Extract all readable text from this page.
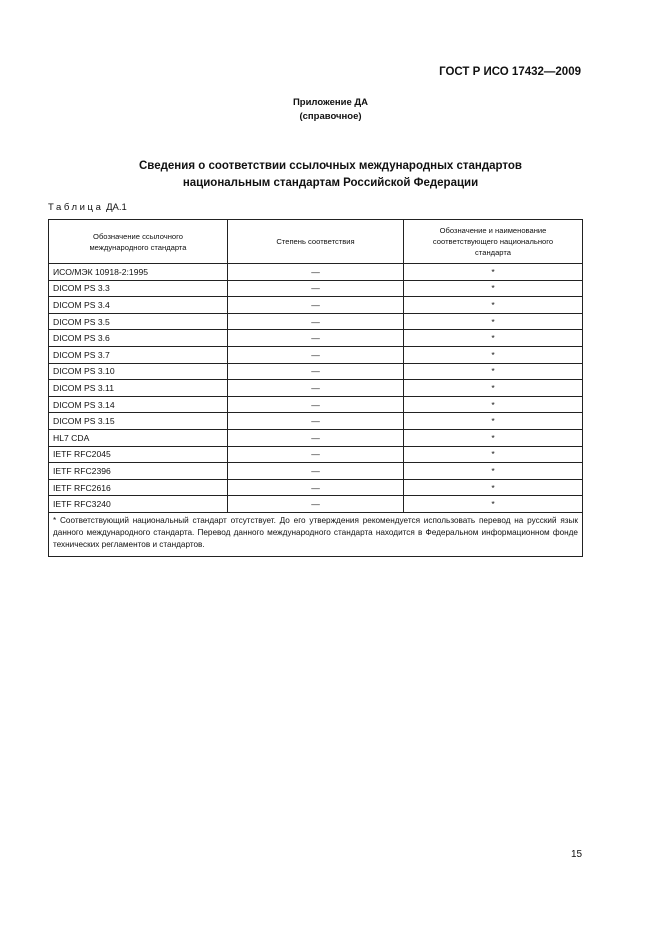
ГОСТ Р ИСО 17432—2009
Приложение ДА
(справочное)
Сведения о соответствии ссылочных международных стандартов
национальным стандартам Российской Федерации
Таблица ДА.1
Обозначение ссылочного международного стандарта	Степень соответствия	Обозначение и наименование соответствующего национального стандарта
ИСО/МЭК 10918-2:1995	—	*
DICOM PS 3.3	—	*
DICOM PS 3.4	—	*
DICOM PS 3.5	—	*
DICOM PS 3.6	—	*
DICOM PS 3.7	—	*
DICOM PS 3.10	—	*
DICOM PS 3.11	—	*
DICOM PS 3.14	—	*
DICOM PS 3.15	—	*
HL7 CDA	—	*
IETF RFC2045	—	*
IETF RFC2396	—	*
IETF RFC2616	—	*
IETF RFC3240	—	*
* Соответствующий национальный стандарт отсутствует. До его утверждения рекомендуется использовать перевод на русский язык данного международного стандарта. Перевод данного международного стандарта находится в Федеральном информационном фонде технических регламентов и стандартов.		
15
